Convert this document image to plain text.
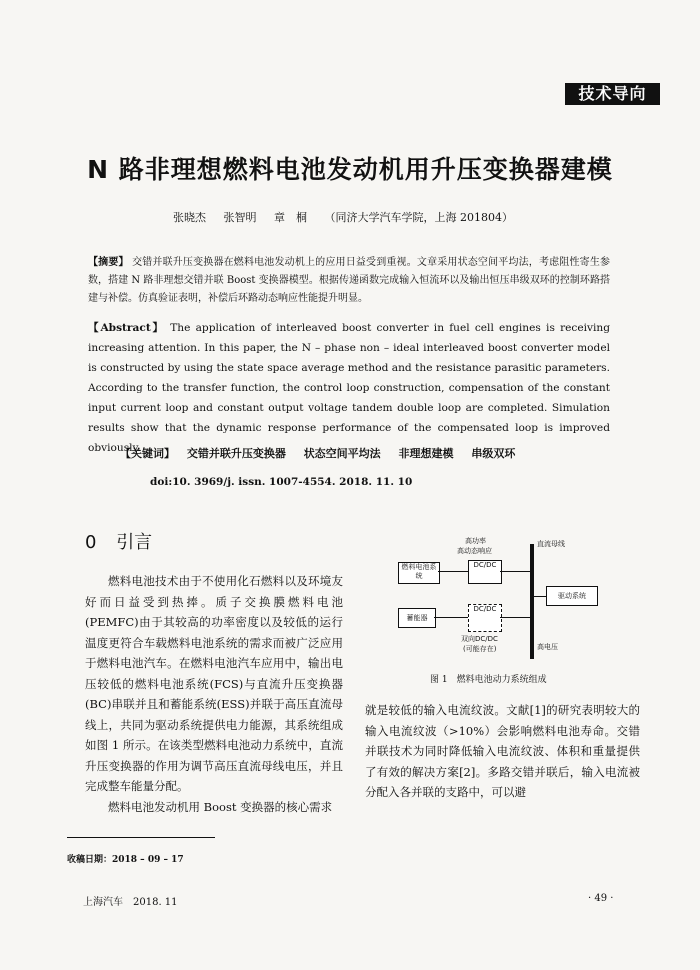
技术导向
N 路非理想燃料电池发动机用升压变换器建模
张晓杰 张智明 章　桐 （同济大学汽车学院，上海 201804）
【摘要】 交错并联升压变换器在燃料电池发动机上的应用日益受到重视。文章采用状态空间平均法，考虑阻性寄生参数，搭建 N 路非理想交错并联 Boost 变换器模型。根据传递函数完成输入恒流环以及输出恒压串级双环的控制环路搭建与补偿。仿真验证表明，补偿后环路动态响应性能提升明显。
【Abstract】 The application of interleaved boost converter in fuel cell engines is receiving increasing attention. In this paper, the N – phase non – ideal interleaved boost converter model is constructed by using the state space average method and the resistance parasitic parameters. According to the transfer function, the control loop construction, compensation of the constant input current loop and constant output voltage tandem double loop are completed. Simulation results show that the dynamic response performance of the compensated loop is improved obviously.
【关键词】 交错并联升压变换器 状态空间平均法 非理想建模 串级双环
doi:10. 3969/j. issn. 1007-4554. 2018. 11. 10
0 引言

燃料电池技术由于不使用化石燃料以及环境友好而日益受到热捧。质子交换膜燃料电池(PEMFC)由于其较高的功率密度以及较低的运行温度更符合车载燃料电池系统的需求而被广泛应用于燃料电池汽车。在燃料电池汽车应用中，输出电压较低的燃料电池系统(FCS)与直流升压变换器(BC)串联并且和蓄能系统(ESS)并联于高压直流母线上，共同为驱动系统提供电力能源，其系统组成如图 1 所示。在该类型燃料电池动力系统中，直流升压变换器的作用为调节高压直流母线电压，并且完成整车能量分配。

燃料电池发动机用 Boost 变换器的核心需求

高功率
高动态响应
直流母线
燃料电池系统
DC/DC
驱动系统
蓄能器
DC/DC
双向DC/DC
(可能存在)	高电压
图 1　燃料电池动力系统组成

就是较低的输入电流纹波。文献[1]的研究表明较大的输入电流纹波（>10%）会影响燃料电池寿命。交错并联技术为同时降低输入电流纹波、体积和重量提供了有效的解决方案[2]。多路交错并联后，输入电流被分配入各并联的支路中，可以避

收稿日期：2018 – 09 – 17
上海汽车　2018. 11	· 49 ·
